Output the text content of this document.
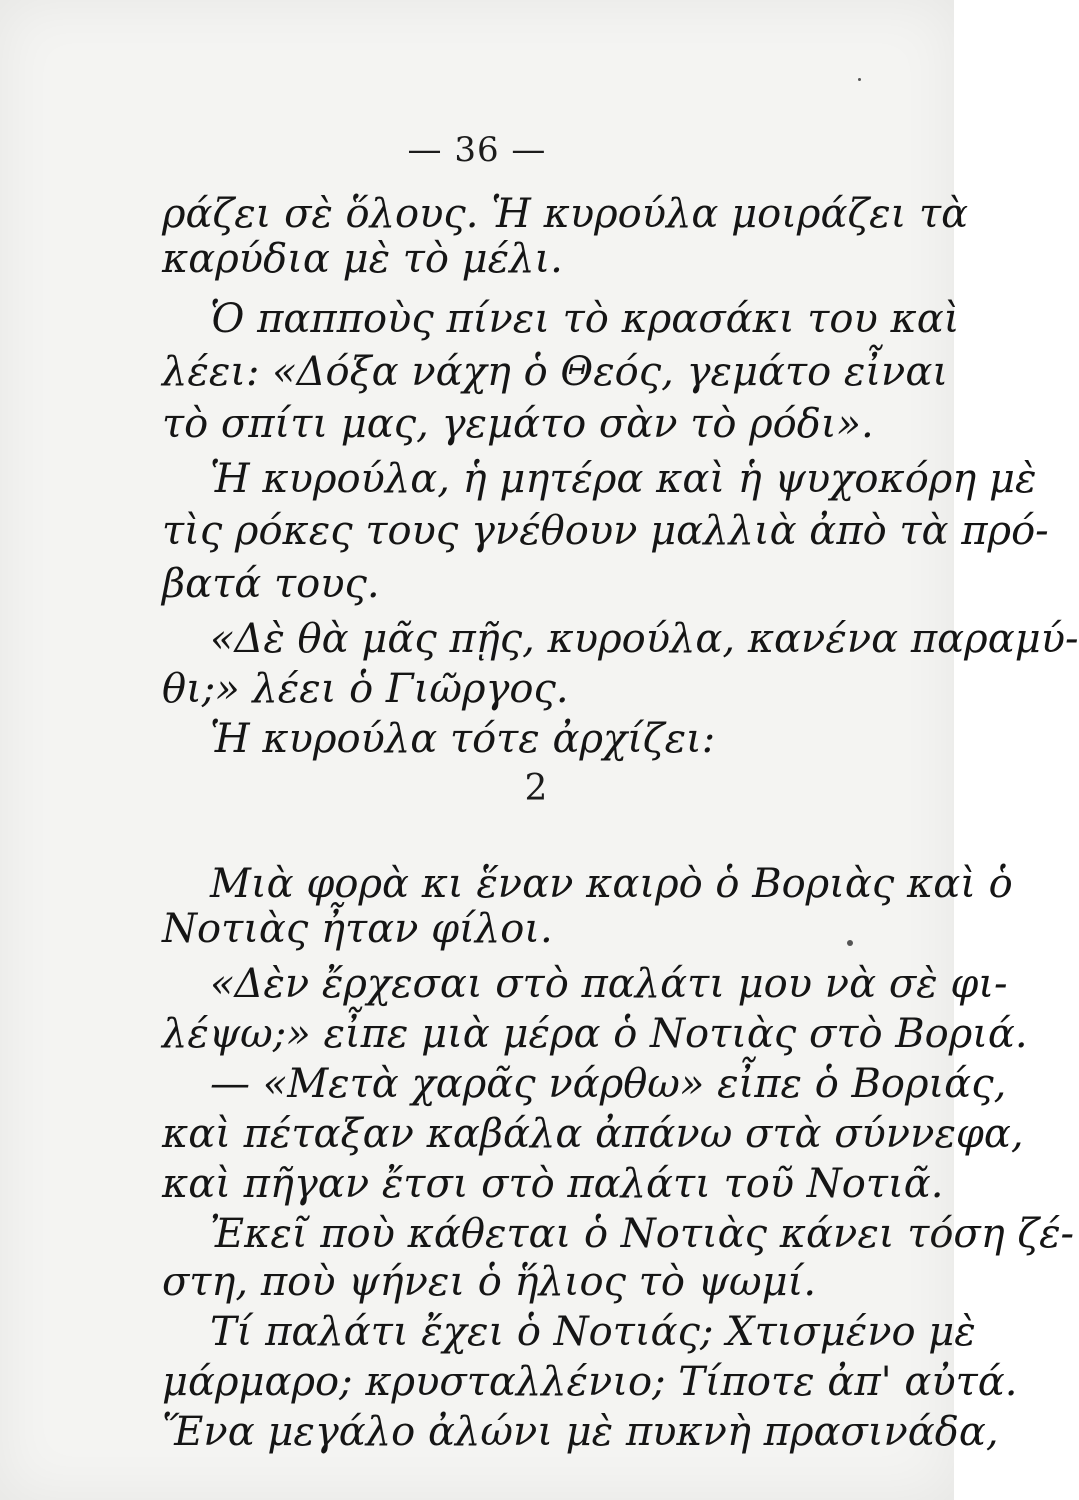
— 36 —
ράζει σὲ ὅλους. Ἡ κυρούλα μοιράζει τὰ
καρύδια μὲ τὸ μέλι.
Ὁ παπποὺς πίνει τὸ κρασάκι του καὶ
λέει: «Δόξα νάχη ὁ Θεός, γεμάτο εἶναι
τὸ σπίτι μας, γεμάτο σὰν τὸ ρόδι».
Ἡ κυρούλα, ἡ μητέρα καὶ ἡ ψυχοκόρη μὲ
τὶς ρόκες τους γνέθουν μαλλιὰ ἀπὸ τὰ πρό-
βατά τους.
«Δὲ θὰ μᾶς πῇς, κυρούλα, κανένα παραμύ-
θι;» λέει ὁ Γιῶργος.
Ἡ κυρούλα τότε ἀρχίζει:
2
Μιὰ φορὰ κι ἕναν καιρὸ ὁ Βοριὰς καὶ ὁ
Νοτιὰς ἦταν φίλοι.
«Δὲν ἔρχεσαι στὸ παλάτι μου νὰ σὲ φι-
λέψω;» εἶπε μιὰ μέρα ὁ Νοτιὰς στὸ Βοριά.
— «Μετὰ χαρᾶς νάρθω» εἶπε ὁ Βοριάς,
καὶ πέταξαν καβάλα ἀπάνω στὰ σύννεφα,
καὶ πῆγαν ἔτσι στὸ παλάτι τοῦ Νοτιᾶ.
Ἐκεῖ ποὺ κάθεται ὁ Νοτιὰς κάνει τόση ζέ-
στη, ποὺ ψήνει ὁ ἥλιος τὸ ψωμί.
Τί παλάτι ἔχει ὁ Νοτιάς; Χτισμένο μὲ
μάρμαρο; κρυσταλλένιο; Τίποτε ἀπ' αὐτά.
Ἕνα μεγάλο ἀλώνι μὲ πυκνὴ πρασινάδα,
